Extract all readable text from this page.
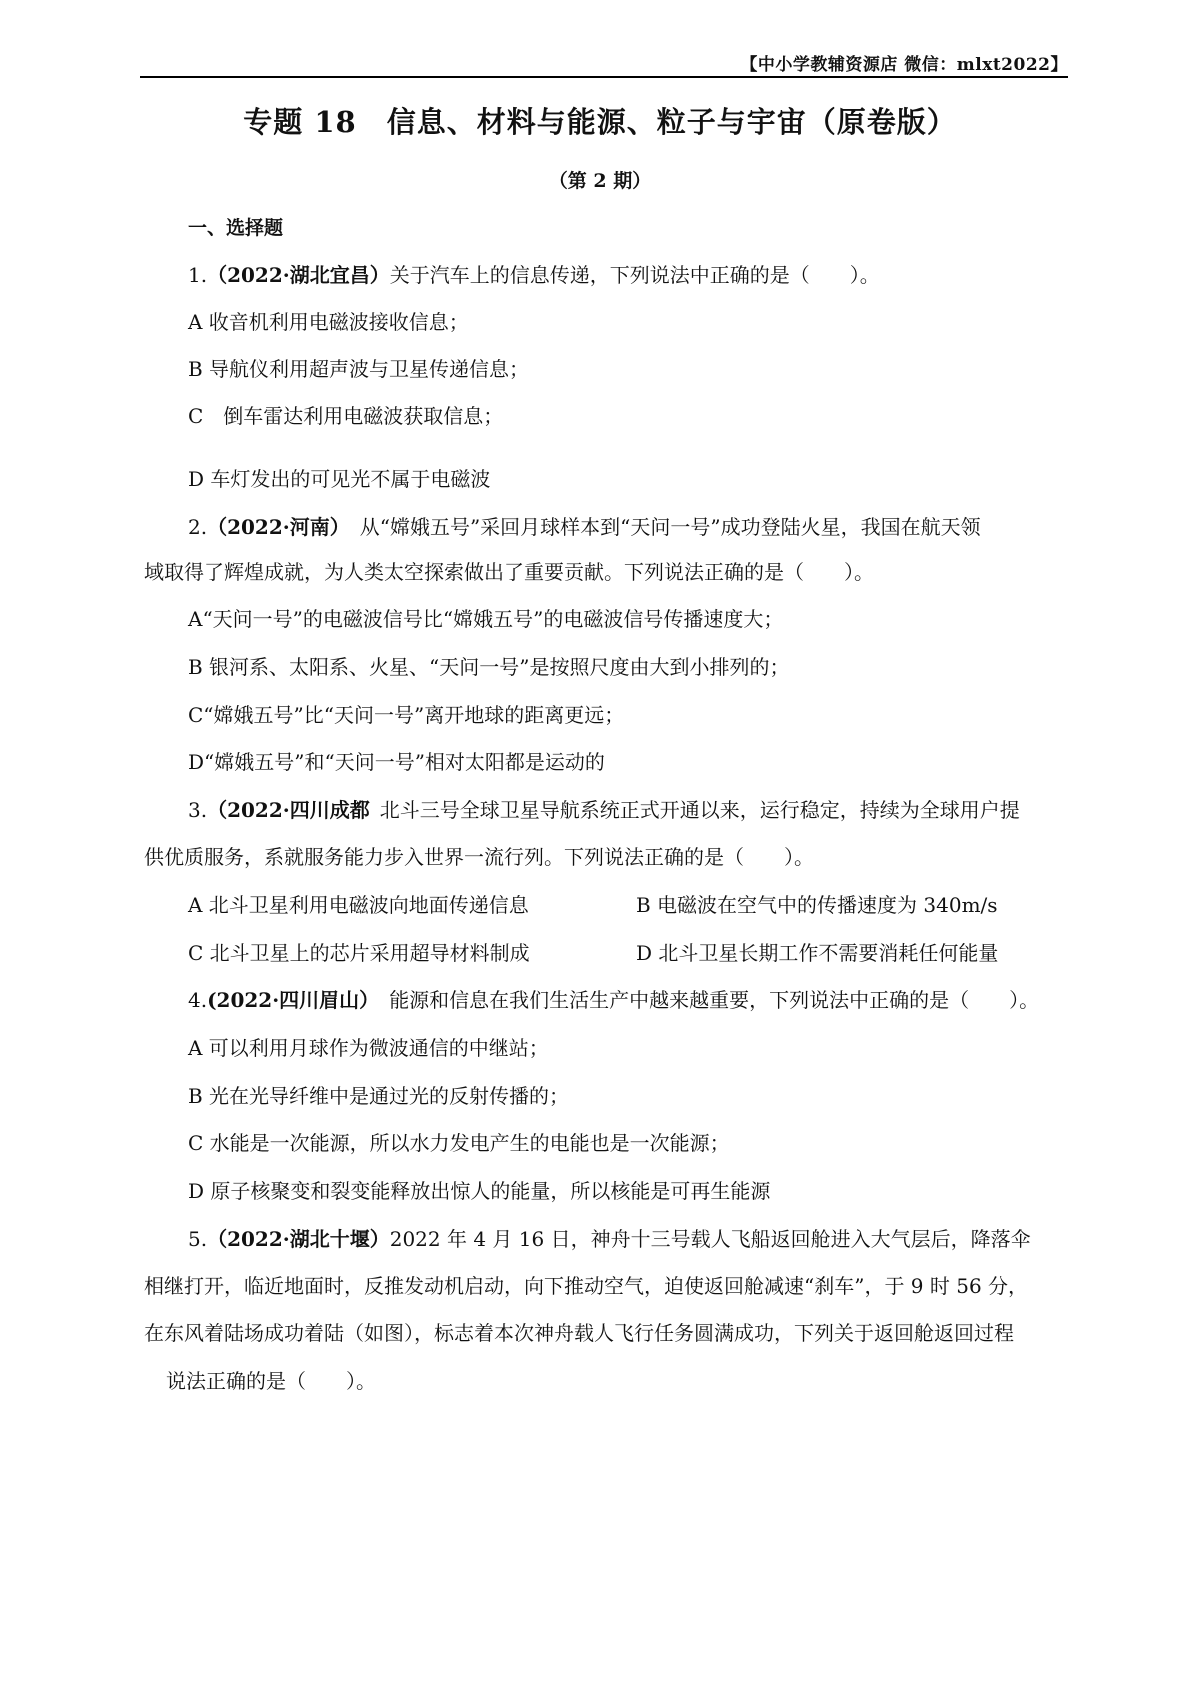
【中小学教辅资源店 微信：mlxt2022】
专题 18　信息、材料与能源、粒子与宇宙（原卷版）
（第 2 期）
一、选择题
1.（2022·湖北宜昌）关于汽车上的信息传递，下列说法中正确的是（　　）。
A 收音机利用电磁波接收信息；
B 导航仪利用超声波与卫星传递信息；
C　倒车雷达利用电磁波获取信息；
D 车灯发出的可见光不属于电磁波
2.（2022·河南） 从“嫦娥五号”采回月球样本到“天问一号”成功登陆火星，我国在航天领
域取得了辉煌成就，为人类太空探索做出了重要贡献。下列说法正确的是（　　）。
A“天问一号”的电磁波信号比“嫦娥五号”的电磁波信号传播速度大；
B 银河系、太阳系、火星、“天问一号”是按照尺度由大到小排列的；
C“嫦娥五号”比“天问一号”离开地球的距离更远；
D“嫦娥五号”和“天问一号”相对太阳都是运动的
3.（2022·四川成都 北斗三号全球卫星导航系统正式开通以来，运行稳定，持续为全球用户提
供优质服务，系就服务能力步入世界一流行列。下列说法正确的是（　　）。
A 北斗卫星利用电磁波向地面传递信息	B 电磁波在空气中的传播速度为 340m/s
C 北斗卫星上的芯片采用超导材料制成	D 北斗卫星长期工作不需要消耗任何能量
4.(2022·四川眉山） 能源和信息在我们生活生产中越来越重要，下列说法中正确的是（　　）。
A 可以利用月球作为微波通信的中继站；
B 光在光导纤维中是通过光的反射传播的；
C 水能是一次能源，所以水力发电产生的电能也是一次能源；
D 原子核聚变和裂变能释放出惊人的能量，所以核能是可再生能源
5.（2022·湖北十堰）2022 年 4 月 16 日，神舟十三号载人飞船返回舱进入大气层后，降落伞
相继打开，临近地面时，反推发动机启动，向下推动空气，迫使返回舱减速“刹车”，于 9 时 56 分，
在东风着陆场成功着陆（如图），标志着本次神舟载人飞行任务圆满成功，下列关于返回舱返回过程
说法正确的是（　　）。
